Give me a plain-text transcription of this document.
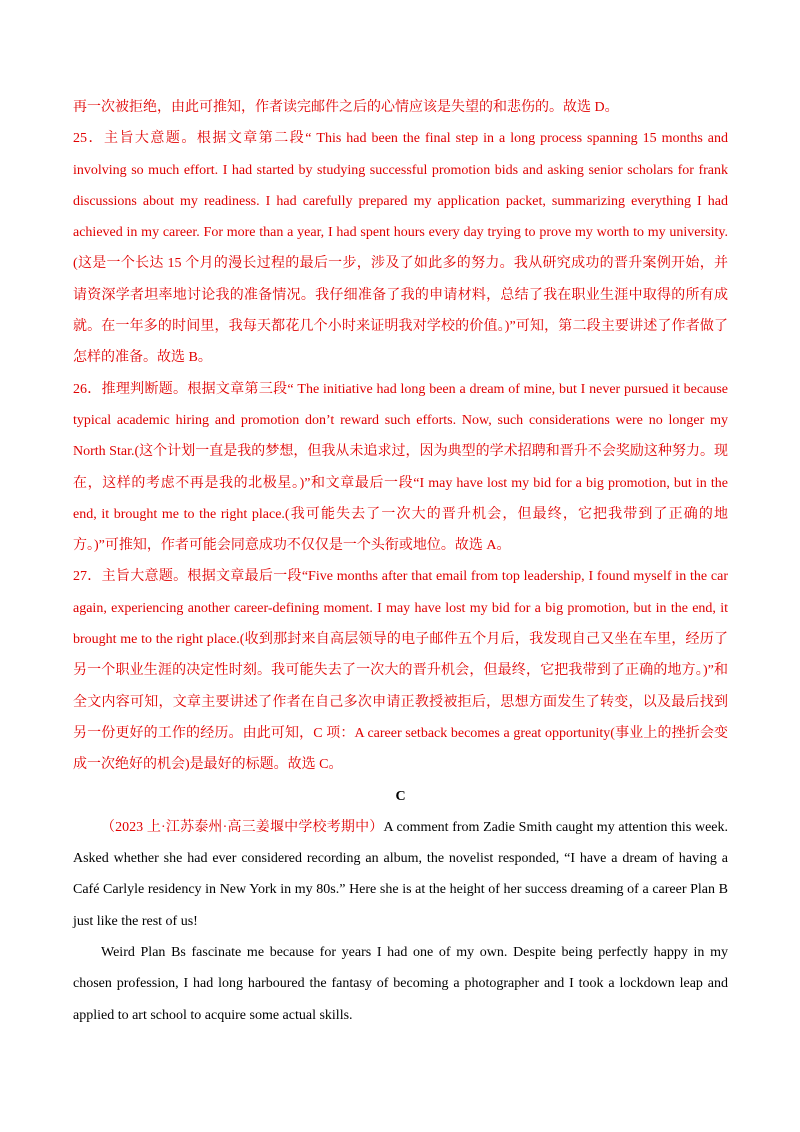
再一次被拒绝，由此可推知，作者读完邮件之后的心情应该是失望的和悲伤的。故选 D。

25．主旨大意题。根据文章第二段“ This had been the final step in a long process spanning 15 months and involving so much effort. I had started by studying successful promotion bids and asking senior scholars for frank discussions about my readiness. I had carefully prepared my application packet, summarizing everything I had achieved in my career. For more than a year, I had spent hours every day trying to prove my worth to my university. (这是一个长达 15 个月的漫长过程的最后一步，涉及了如此多的努力。我从研究成功的晋升案例开始，并请资深学者坦率地讨论我的准备情况。我仔细准备了我的申请材料，总结了我在职业生涯中取得的所有成就。在一年多的时间里，我每天都花几个小时来证明我对学校的价值。)”可知，第二段主要讲述了作者做了怎样的准备。故选 B。

26．推理判断题。根据文章第三段“ The initiative had long been a dream of mine, but I never pursued it because typical academic hiring and promotion don’t reward such efforts. Now, such considerations were no longer my North Star.(这个计划一直是我的梦想，但我从未追求过，因为典型的学术招聘和晋升不会奖励这种努力。现在，这样的考虑不再是我的北极星。)”和文章最后一段“I may have lost my bid for a big promotion, but in the end, it brought me to the right place.(我可能失去了一次大的晋升机会，但最终，它把我带到了正确的地方。)”可推知，作者可能会同意成功不仅仅是一个头衔或地位。故选 A。

27．主旨大意题。根据文章最后一段“Five months after that email from top leadership, I found myself in the car again, experiencing another career-defining moment. I may have lost my bid for a big promotion, but in the end, it brought me to the right place.(收到那封来自高层领导的电子邮件五个月后，我发现自己又坐在车里，经历了另一个职业生涯的决定性时刻。我可能失去了一次大的晋升机会，但最终，它把我带到了正确的地方。)”和全文内容可知，文章主要讲述了作者在自己多次申请正教授被拒后，思想方面发生了转变，以及最后找到另一份更好的工作的经历。由此可知，C 项：A career setback becomes a great opportunity(事业上的挫折会变成一次绝好的机会)是最好的标题。故选 C。

C

（2023 上·江苏泰州·高三姜堰中学校考期中）A comment from Zadie Smith caught my attention this week. Asked whether she had ever considered recording an album, the novelist responded, “I have a dream of having a Café Carlyle residency in New York in my 80s.” Here she is at the height of her success dreaming of a career Plan B just like the rest of us!

Weird Plan Bs fascinate me because for years I had one of my own. Despite being perfectly happy in my chosen profession, I had long harboured the fantasy of becoming a photographer and I took a lockdown leap and applied to art school to acquire some actual skills.
